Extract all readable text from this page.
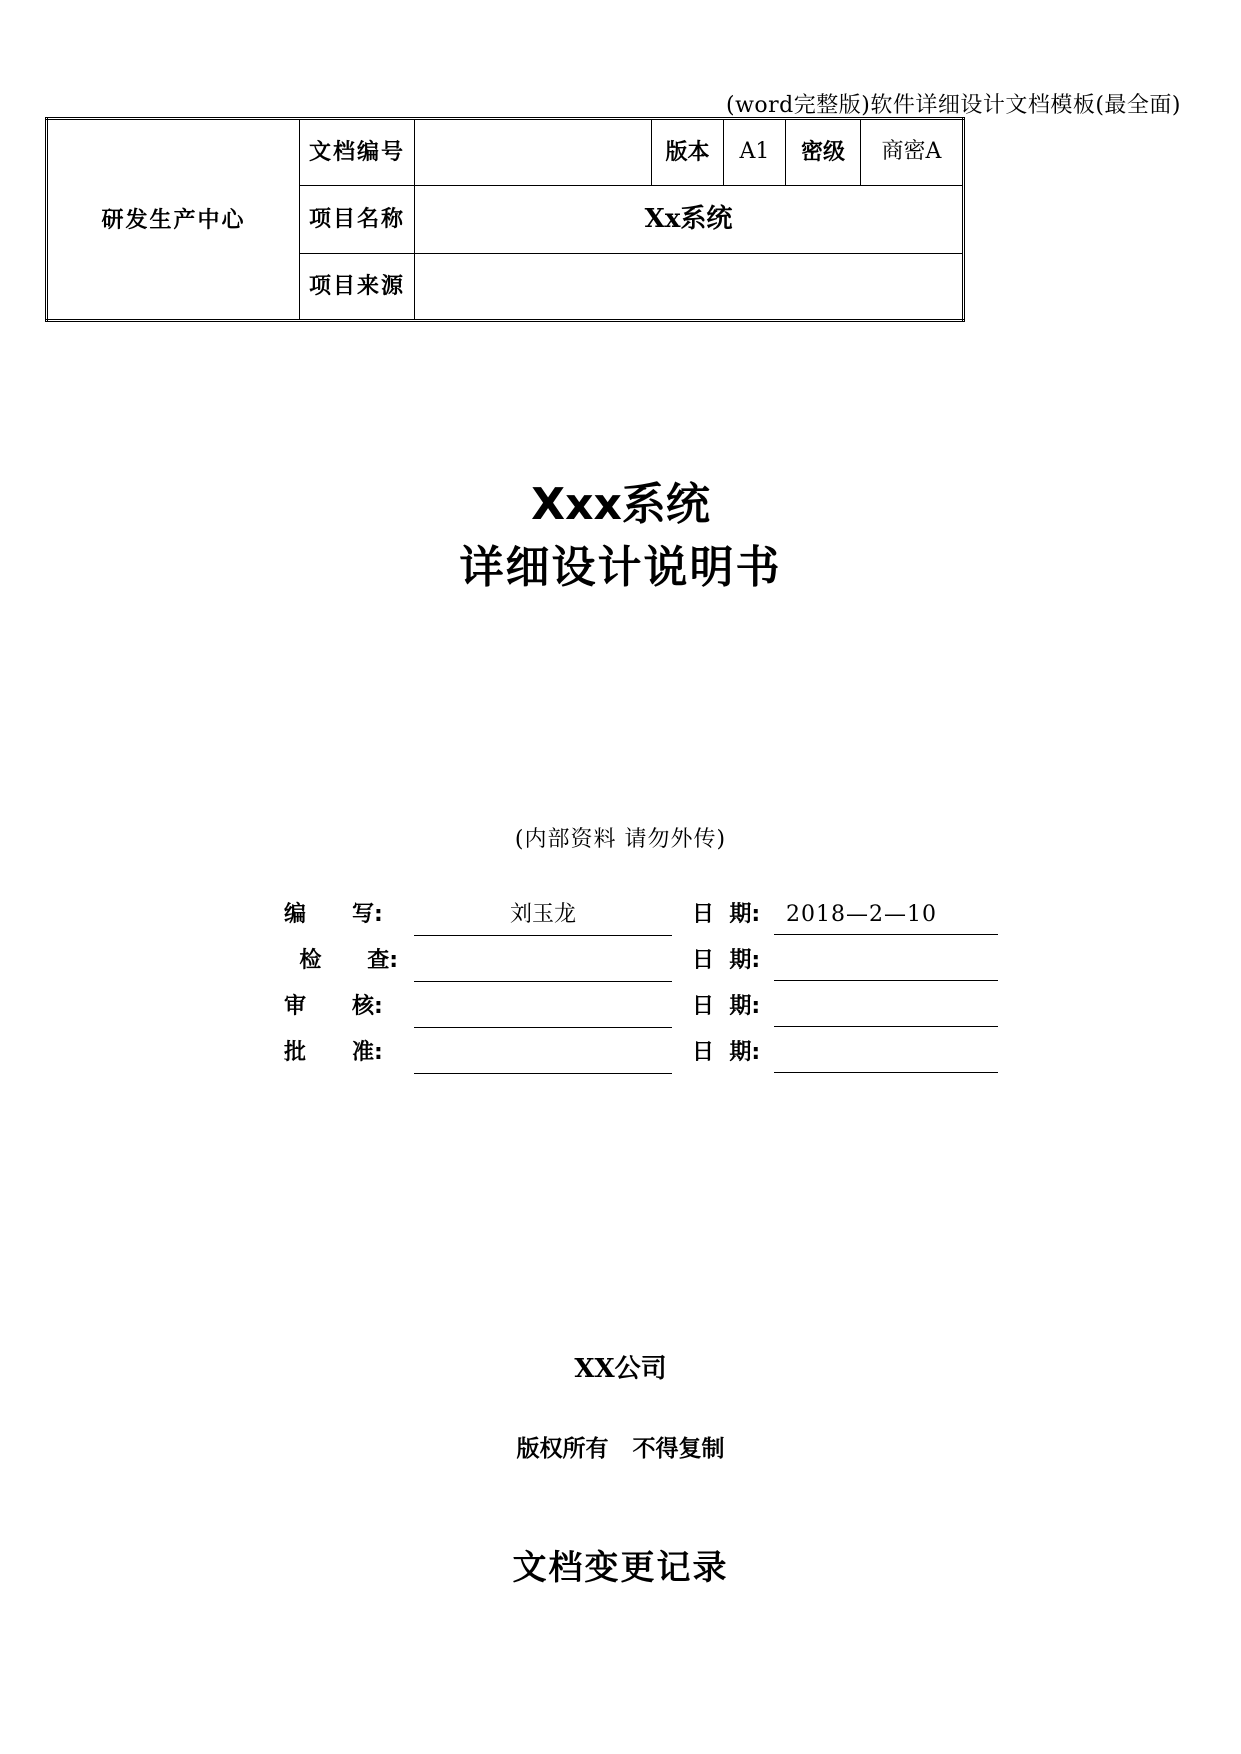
(word完整版)软件详细设计文档模板(最全面)
研发生产中心	文档编号		版本	A1	密级	商密A
	项目名称	Xx系统				
	项目来源					
Xxx系统
详细设计说明书
(内部资料 请勿外传)
编      写:	刘玉龙	日  期:	2018—2—10
检      查:	日  期:
审      核:	日  期:
批      准:	日  期:
XX公司
版权所有   不得复制
文档变更记录
